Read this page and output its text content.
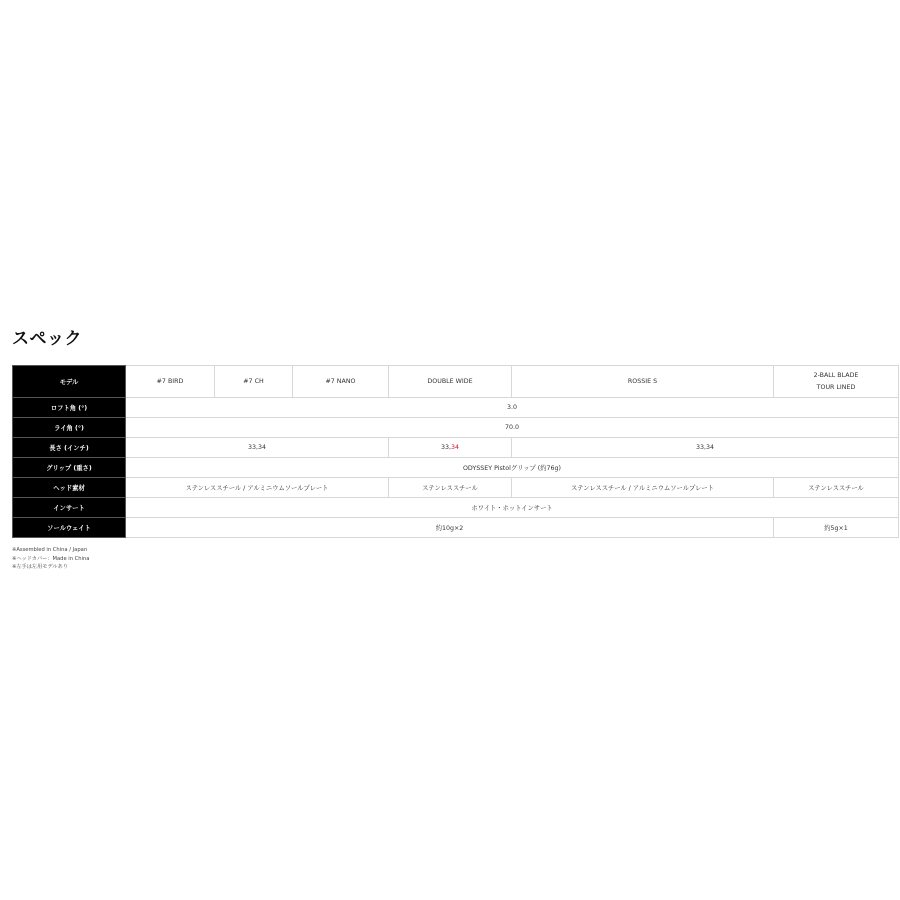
スペック
モデル	#7 BIRD	#7 CH	#7 NANO	DOUBLE WIDE	ROSSIE S	2-BALL BLADE
TOUR LINED
ロフト角 (°)	3.0					
ライ角 (°)	70.0					
長さ (インチ)	33,34			33,34	33,34	
グリップ (重さ)	ODYSSEY Pistolグリップ (約76g)					
ヘッド素材	ステンレススチール / アルミニウムソールプレート			ステンレススチール	ステンレススチール / アルミニウムソールプレート	ステンレススチール
インサート	ホワイト・ホットインサート					
ソールウェイト	約10g×2					約5g×1
※Assembled in China / Japan
※ヘッドカバー：Made in China
※左手は左用モデルあり
